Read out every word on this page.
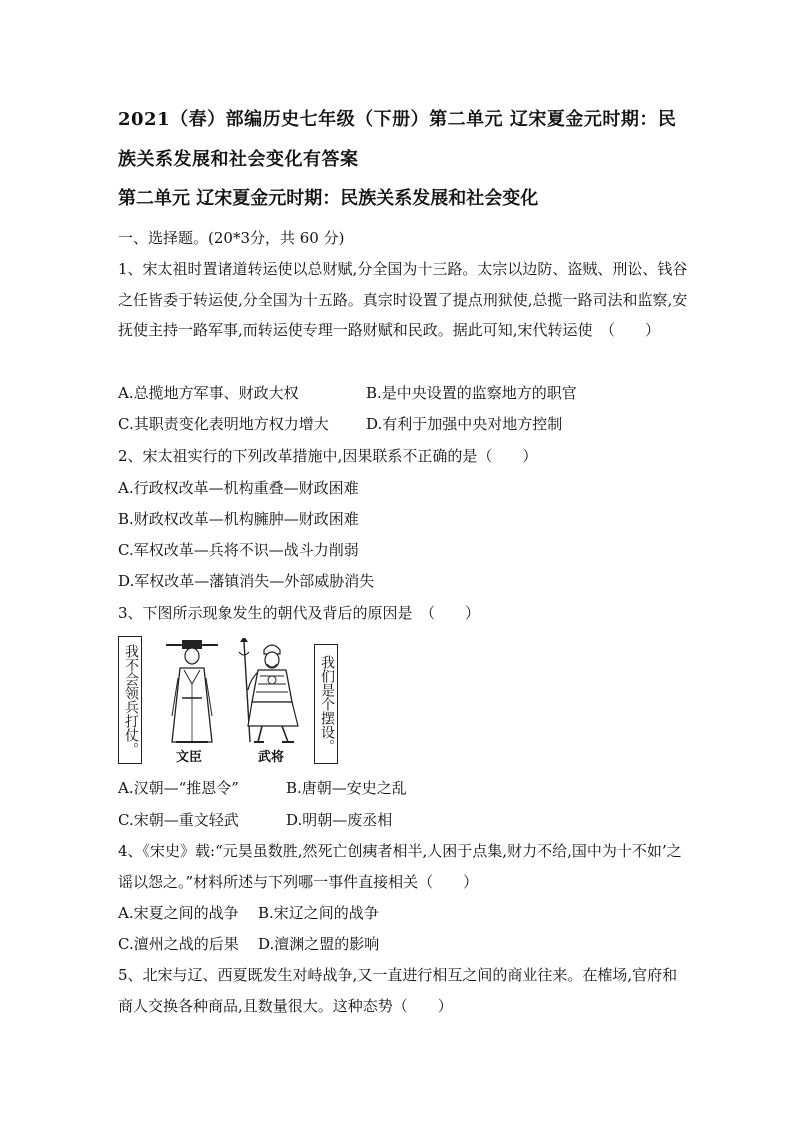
2021（春）部编历史七年级（下册）第二单元 辽宋夏金元时期：民族关系发展和社会变化有答案

第二单元 辽宋夏金元时期：民族关系发展和社会变化

一、选择题。(20*3分，共 60 分)

1、宋太祖时置诸道转运使以总财赋,分全国为十三路。太宗以边防、盗贼、刑讼、钱谷之任皆委于转运使,分全国为十五路。真宗时设置了提点刑狱使,总揽一路司法和监察,安抚使主持一路军事,而转运使专理一路财赋和民政。据此可知,宋代转运使　（　　）

A.总揽地方军事、财政大权	B.是中央设置的监察地方的职官

C.其职责变化表明地方权力增大 D.有利于加强中央对地方控制

2、宋太祖实行的下列改革措施中,因果联系不正确的是（　　）

A.行政权改革—机构重叠—财政困难

B.财政权改革—机构臃肿—财政困难

C.军权改革—兵将不识—战斗力削弱

D.军权改革—藩镇消失—外部威胁消失

3、下图所示现象发生的朝代及背后的原因是　（　　）

我不会领兵打仗。
文臣	武将
我们是个摆设。

A.汉朝—“推恩令”	B.唐朝—安史之乱

C.宋朝—重文轻武	D.明朝—废丞相

4、《宋史》载:“元昊虽数胜,然死亡创痍者相半,人困于点集,财力不给,国中为十不如’之谣以怨之。”材料所述与下列哪一事件直接相关（　　）

A.宋夏之间的战争 B.宋辽之间的战争

C.澶州之战的后果 D.澶渊之盟的影响

5、北宋与辽、西夏既发生对峙战争,又一直进行相互之间的商业往来。在榷场,官府和商人交换各种商品,且数量很大。这种态势（　　）
